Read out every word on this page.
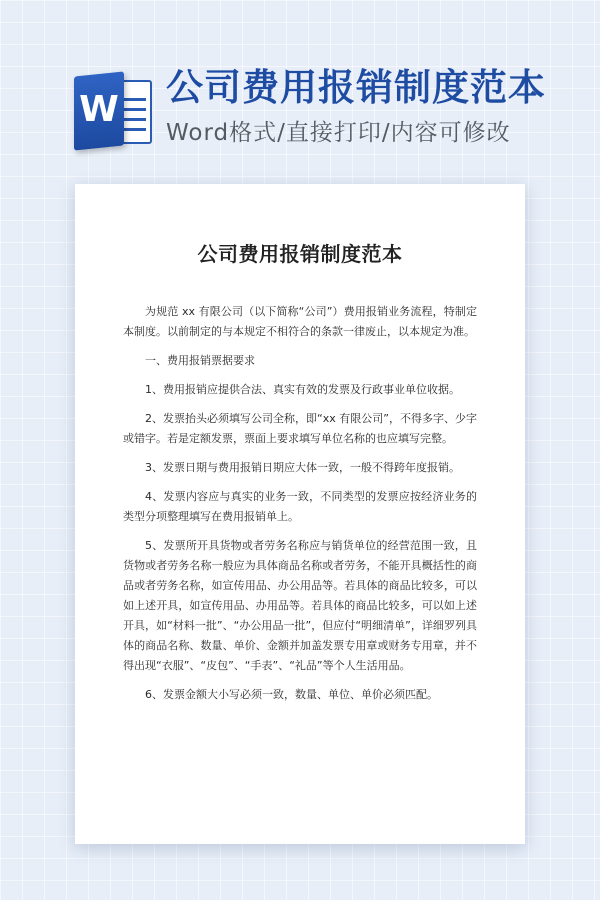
W
公司费用报销制度范本

Word格式/直接打印/内容可修改

公司费用报销制度范本

为规范 xx 有限公司（以下简称“公司”）费用报销业务流程，特制定本制度。以前制定的与本规定不相符合的条款一律废止，以本规定为准。

一、费用报销票据要求

1、费用报销应提供合法、真实有效的发票及行政事业单位收据。

2、发票抬头必须填写公司全称，即“xx 有限公司”，不得多字、少字或错字。若是定额发票，票面上要求填写单位名称的也应填写完整。

3、发票日期与费用报销日期应大体一致，一般不得跨年度报销。

4、发票内容应与真实的业务一致，不同类型的发票应按经济业务的类型分项整理填写在费用报销单上。

5、发票所开具货物或者劳务名称应与销货单位的经营范围一致，且货物或者劳务名称一般应为具体商品名称或者劳务，不能开具概括性的商品或者劳务名称，如宣传用品、办公用品等。若具体的商品比较多，可以如上述开具，如宣传用品、办用品等。若具体的商品比较多，可以如上述开具，如“材料一批”、“办公用品一批”，但应付“明细清单”，详细罗列具体的商品名称、数量、单价、金额并加盖发票专用章或财务专用章，并不得出现“衣服”、“皮包”、“手表”、“礼品”等个人生活用品。

6、发票金额大小写必须一致，数量、单位、单价必须匹配。
